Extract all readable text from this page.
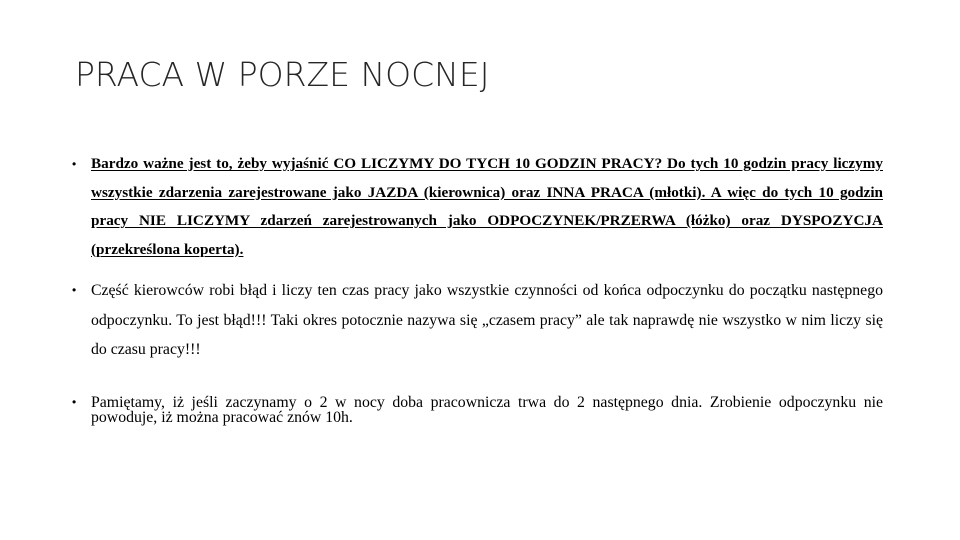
PRACA W PORZE NOCNEJ
• Bardzo ważne jest to, żeby wyjaśnić CO LICZYMY DO TYCH 10 GODZIN PRACY? Do tych 10 godzin pracy liczymy wszystkie zdarzenia zarejestrowane jako JAZDA (kierownica) oraz INNA PRACA (młotki). A więc do tych 10 godzin pracy NIE LICZYMY zdarzeń zarejestrowanych jako ODPOCZYNEK/PRZERWA (łóżko) oraz DYSPOZYCJA (przekreślona koperta).
• Część kierowców robi błąd i liczy ten czas pracy jako wszystkie czynności od końca odpoczynku do początku następnego odpoczynku. To jest błąd!!! Taki okres potocznie nazywa się „czasem pracy” ale tak naprawdę nie wszystko w nim liczy się do czasu pracy!!!
• Pamiętamy, iż jeśli zaczynamy o 2 w nocy doba pracownicza trwa do 2 następnego dnia. Zrobienie odpoczynku nie powoduje, iż można pracować znów 10h.
